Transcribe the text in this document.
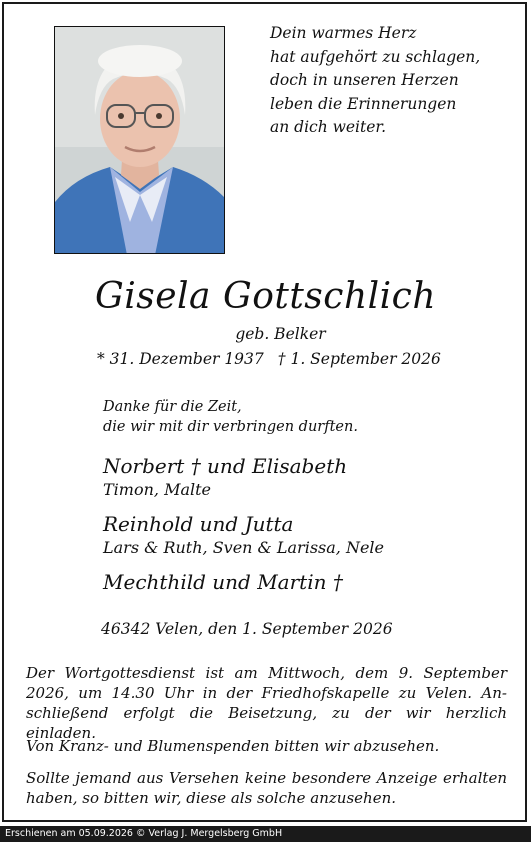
Dein warmes Herz
hat aufgehört zu schlagen,
doch in unseren Herzen
leben die Erinnerungen
an dich weiter.
Gisela Gottschlich
geb. Belker
* 31. Dezember 1937 † 1. September 2026
Danke für die Zeit,
die wir mit dir verbringen durften.
Norbert † und Elisabeth
Timon, Malte
Reinhold und Jutta
Lars & Ruth, Sven & Larissa, Nele
Mechthild und Martin †
46342 Velen, den 1. September 2026

Der Wortgottesdienst ist am Mittwoch, dem 9. September 2026, um 14.30 Uhr in der Friedhofskapelle zu Velen. An-schließend erfolgt die Beisetzung, zu der wir herzlich einladen.

Von Kranz- und Blumenspenden bitten wir abzusehen.

Sollte jemand aus Versehen keine besondere Anzeige erhalten haben, so bitten wir, diese als solche anzusehen.

Erschienen am 05.09.2026 © Verlag J. Mergelsberg GmbH
